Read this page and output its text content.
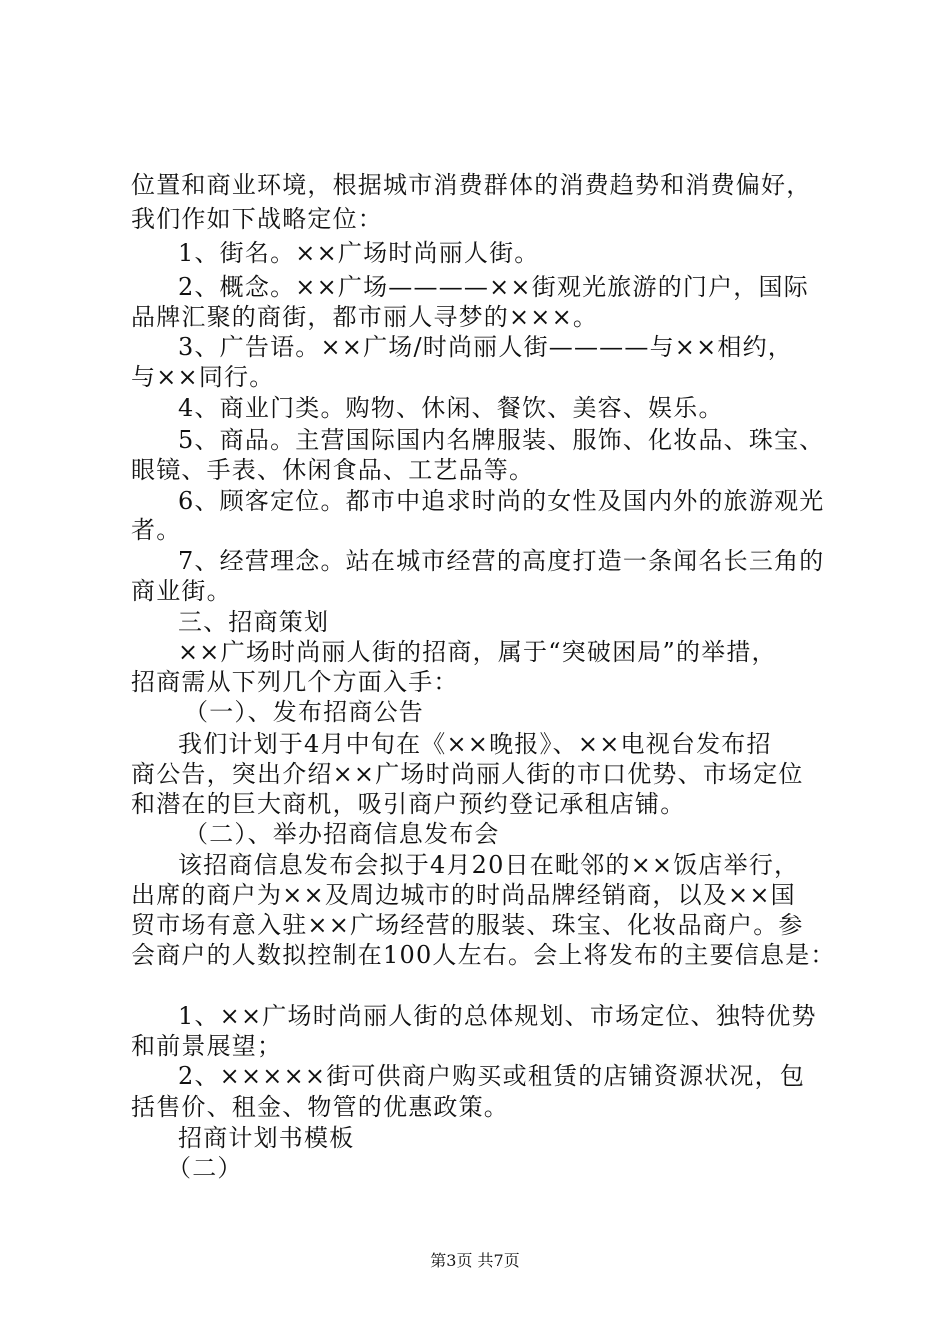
位置和商业环境，根据城市消费群体的消费趋势和消费偏好，
我们作如下战略定位：
1、街名。××广场时尚丽人街。
2、概念。××广场————××街观光旅游的门户，国际
品牌汇聚的商街，都市丽人寻梦的×××。
3、广告语。××广场/时尚丽人街————与××相约，
与××同行。
4、商业门类。购物、休闲、餐饮、美容、娱乐。
5、商品。主营国际国内名牌服装、服饰、化妆品、珠宝、
眼镜、手表、休闲食品、工艺品等。
6、顾客定位。都市中追求时尚的女性及国内外的旅游观光
者。
7、经营理念。站在城市经营的高度打造一条闻名长三角的
商业街。
三、招商策划
××广场时尚丽人街的招商，属于“突破困局”的举措，
招商需从下列几个方面入手：
（一）、发布招商公告
我们计划于4月中旬在《××晚报》、××电视台发布招
商公告，突出介绍××广场时尚丽人街的市口优势、市场定位
和潜在的巨大商机，吸引商户预约登记承租店铺。
（二）、举办招商信息发布会
该招商信息发布会拟于4月20日在毗邻的××饭店举行，
出席的商户为××及周边城市的时尚品牌经销商，以及××国
贸市场有意入驻××广场经营的服装、珠宝、化妆品商户。参
会商户的人数拟控制在100人左右。会上将发布的主要信息是：
1、××广场时尚丽人街的总体规划、市场定位、独特优势
和前景展望；
2、×××××街可供商户购买或租赁的店铺资源状况，包
括售价、租金、物管的优惠政策。
招商计划书模板
（二）
第3页 共7页
